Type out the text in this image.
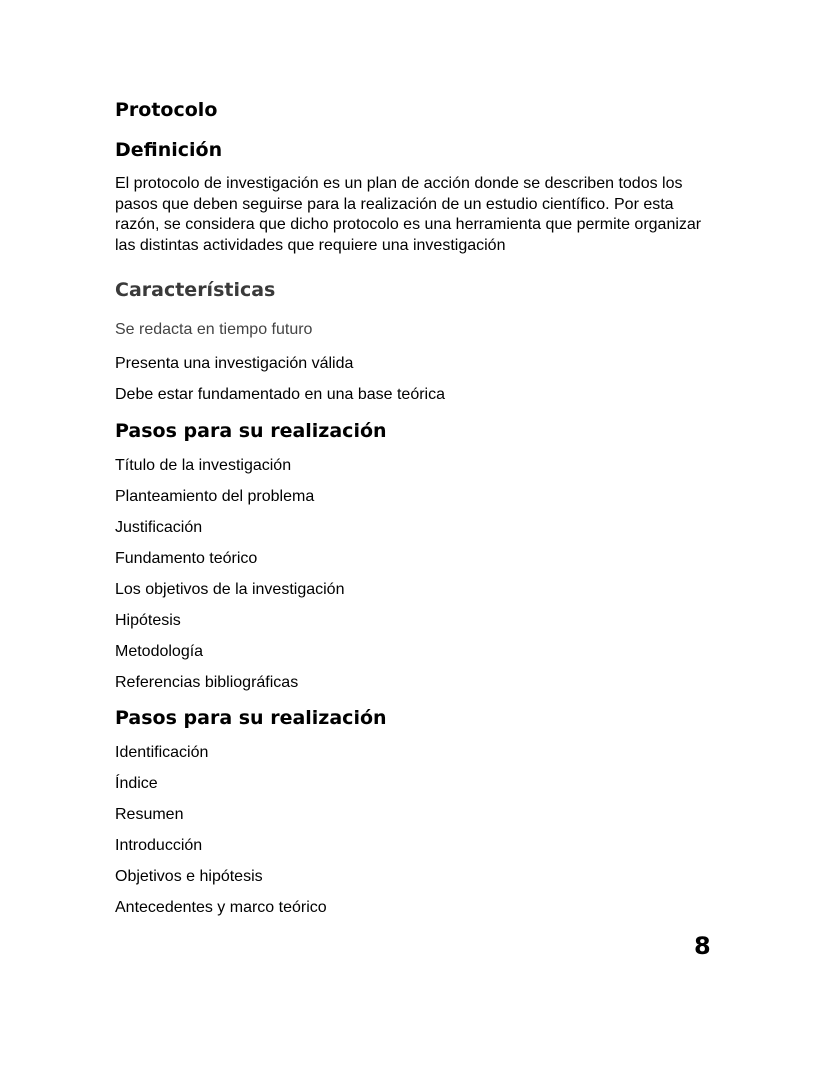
Protocolo
Definición

El protocolo de investigación es un plan de acción donde se describen todos los
pasos que deben seguirse para la realización de un estudio científico. Por esta
razón, se considera que dicho protocolo es una herramienta que permite organizar
las distintas actividades que requiere una investigación

Características

Se redacta en tiempo futuro

Presenta una investigación válida

Debe estar fundamentado en una base teórica

Pasos para su realización

Título de la investigación

Planteamiento del problema

Justificación

Fundamento teórico

Los objetivos de la investigación

Hipótesis

Metodología

Referencias bibliográficas

Pasos para su realización

Identificación

Índice

Resumen

Introducción

Objetivos e hipótesis

Antecedentes y marco teórico

8
